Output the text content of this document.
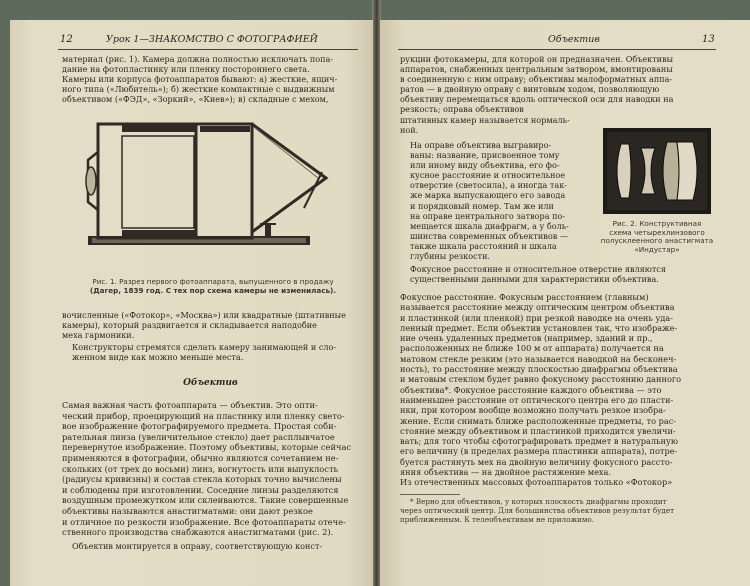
12	Урок 1—ЗНАКОМСТВО С ФОТОГРАФИЕЙ
материал (рис. 1). Камера должна полностью исключать попа-
дание на фотопластинку или пленку постороннего света.
Камеры или корпуса фотоаппаратов бывают: а) жесткие, ящич-
ного типа («Любитель»); б) жесткие компактные с выдвижным
объективом («ФЭД», «Зоркий», «Киев»); в) складные с мехом,
Рис. 1. Разрез первого фотоаппарата, выпущенного в продажу
(Дагер, 1839 год. С тех пор схема камеры не изменилась).
вочисленные («Фотокор», «Москва») или квадратные (штативные
камеры), который раздвигается и складывается наподобие
меха гармоники.
Конструкторы стремятся сделать камеру занимающей и сло-
женном виде как можно меньше места.
Объектив
Самая важная часть фотоаппарата — объектив. Это опти-
ческий прибор, проецирующий на пластинку или пленку свето-
вое изображение фотографируемого предмета. Простая соби-
рательная линза (увеличительное стекло) дает расплывчатое
перевернутое изображение. Поэтому объективы, которые сейчас
применяются в фотографии, обычно являются сочетанием не-
скольких (от трех до восьми) линз, вогнутость или выпуклость
(радиусы кривизны) и состав стекла которых точно вычислены
и соблюдены при изготовлении. Соседние линзы разделяются
воздушным промежутком или склеиваются. Такие совершенные
объективы называются анастигматами: они дают резкое
и отличное по резкости изображение. Все фотоаппараты отече-
ственного производства снабжаются анастигматами (рис. 2).
Объектив монтируется в оправу, соответствующую конст-
Объектив	13
рукции фотокамеры, для которой он предназначен. Объективы
аппаратов, снабженных центральным затвором, вмонтированы
в соединенную с ним оправу; объективы малоформатных аппа-
ратов — в двойную оправу с винтовым ходом, позволяющую
объективу перемещаться вдоль оптической оси для наводки на
резкость; оправа объективов
штативных камер называется нормаль-
ной.
На оправе объектива выгравиро-
ваны: название, присвоенное тому
или иному виду объектива, его фо-
кусное расстояние и относительное
отверстие (светосила), а иногда так-
же марка выпускающего его завода
и порядковый номер. Там же или
на оправе центрального затвора по-
мещается шкала диафрагм, а у боль-
шинства современных объективов —
также шкала расстояний и шкала
глубины резкости.
Рис. 2. Конструктивная
схема четырехлинзового
полусклеенного анастигмата
«Индустар»
Фокусное расстояние и относительное отверстие являются
существенными данными для характеристики объектива.
Фокусное расстояние. Фокусным расстоянием (главным)
называется расстояние между оптическим центром объектива
и пластинкой (или пленкой) при резкой наводке на очень уда-
ленный предмет. Если объектив установлен так, что изображе-
ние очень удаленных предметов (например, зданий и пр.,
расположенных не ближе 100 м от аппарата) получается на
матовом стекле резким (это называется наводкой на бесконеч-
ность), то расстояние между плоскостью диафрагмы объектива
и матовым стеклом будет равно фокусному расстоянию данного
объектива*. Фокусное расстояние каждого объектива — это
наименьшее расстояние от оптического центра его до пласти-
нки, при котором вообще возможно получать резкое изобра-
жение. Если снимать ближе расположенные предметы, то рас-
стояние между объективом и пластинкой приходится увеличи-
вать; для того чтобы сфотографировать предмет в натуральную
его величину (в пределах размера пластинки аппарата), потре-
буется растянуть мех на двойную величину фокусного рассто-
яния объектива — на двойное растяжение меха.
Из отечественных массовых фотоаппаратов только «Фотокор»
* Верно для объективов, у которых плоскость диафрагмы проходит
через оптический центр. Для большинства объективов результат будет
приближенным. К телеобъективам не приложимо.
